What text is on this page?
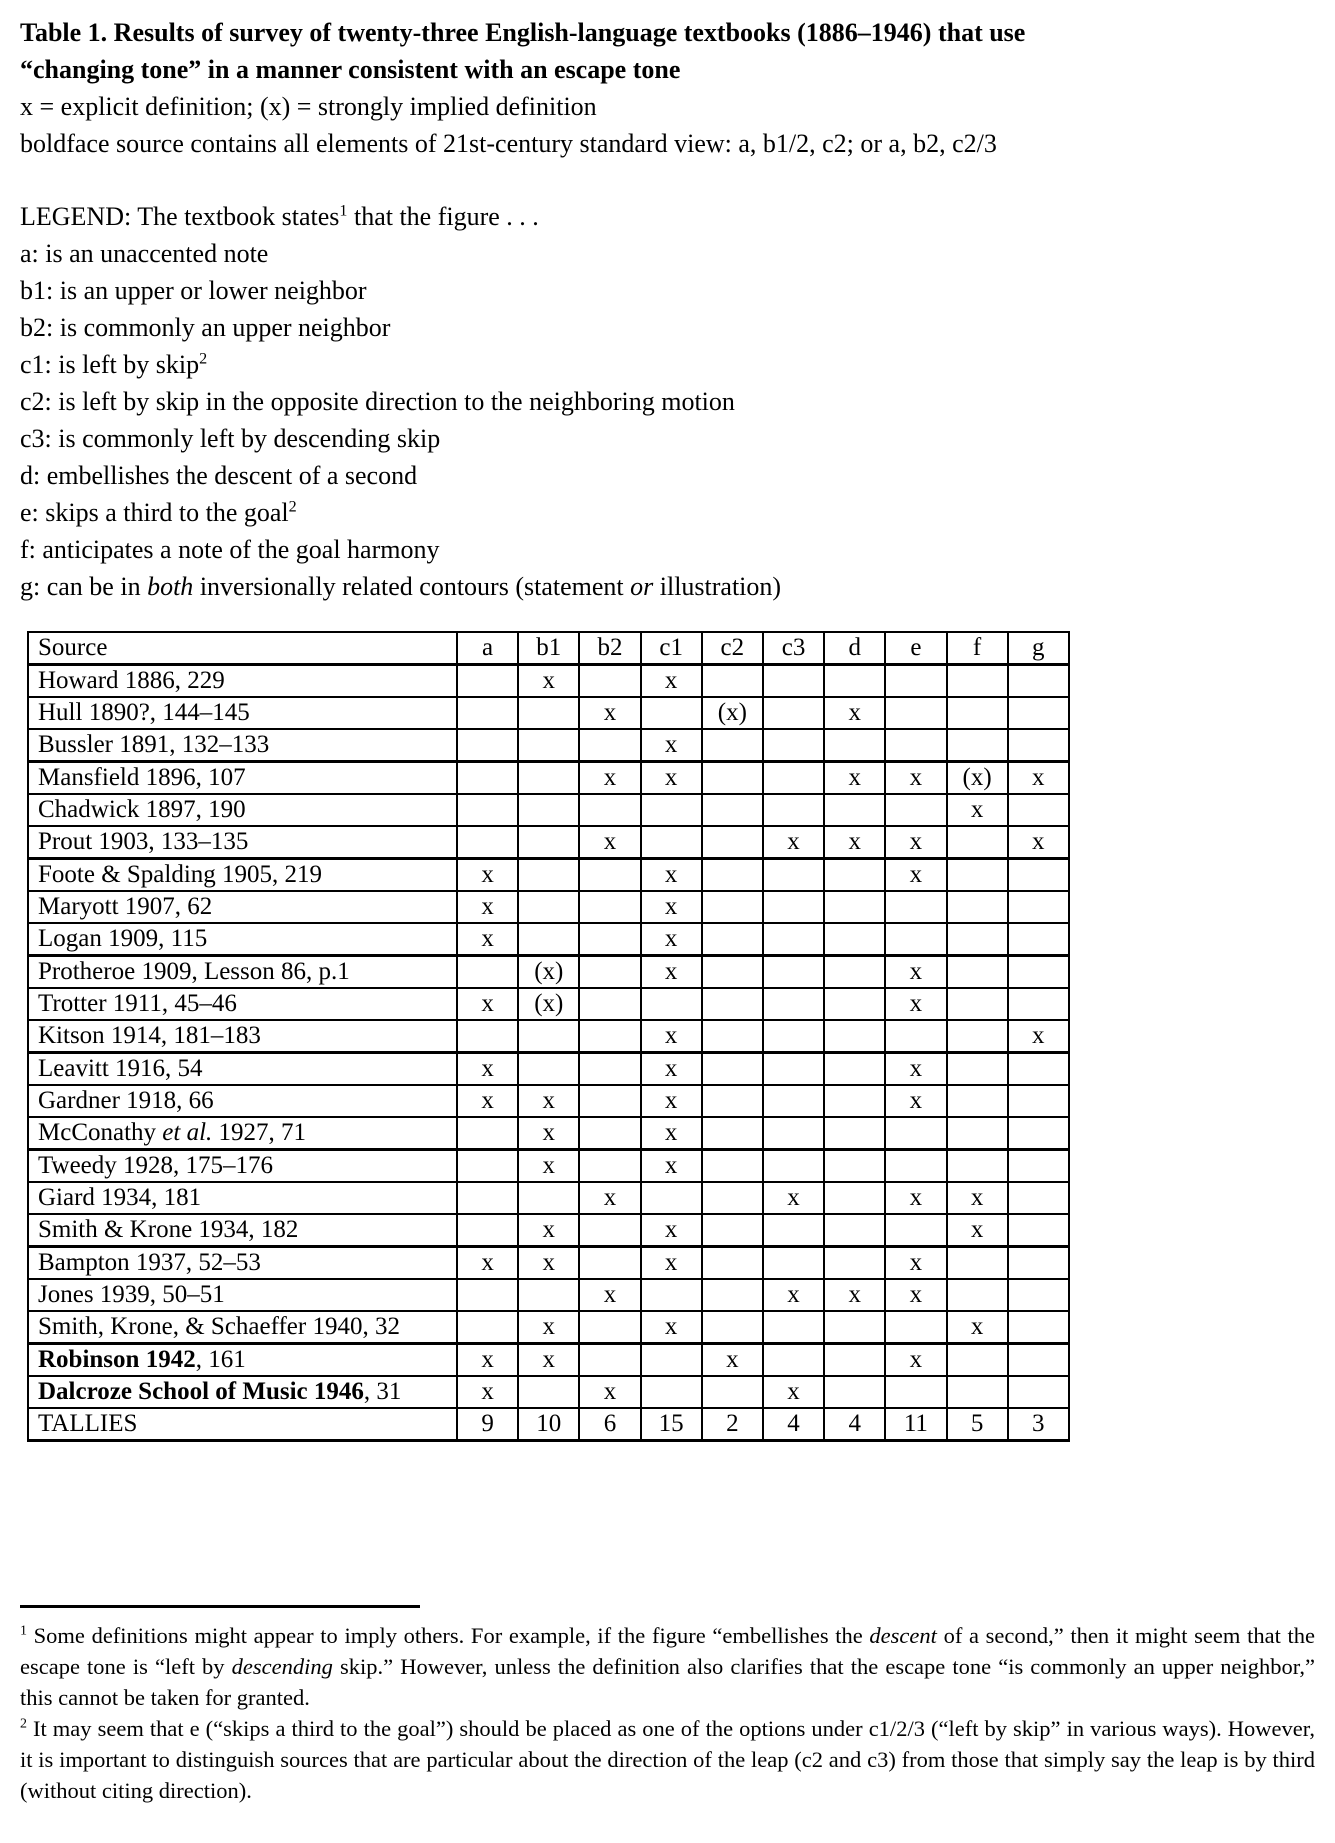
Table 1. Results of survey of twenty-three English-language textbooks (1886–1946) that use
“changing tone” in a manner consistent with an escape tone
x = explicit definition; (x) = strongly implied definition
boldface source contains all elements of 21st-century standard view: a, b1/2, c2; or a, b2, c2/3
LEGEND: The textbook states$^1$ that the figure . . .
a: is an unaccented note
b1: is an upper or lower neighbor
b2: is commonly an upper neighbor
c1: is left by skip$^2$
c2: is left by skip in the opposite direction to the neighboring motion
c3: is commonly left by descending skip
d: embellishes the descent of a second
e: skips a third to the goal$^2$
f: anticipates a note of the goal harmony
g: can be in both inversionally related contours (statement or illustration)
Source	a	b1	b2	c1	c2	c3	d	e	f	g
Howard 1886, 229		x		x						
Hull 1890?, 144–145			x		(x)		x			
Bussler 1891, 132–133				x						
Mansfield 1896, 107			x	x			x	x	(x)	x
Chadwick 1897, 190									x	
Prout 1903, 133–135			x			x	x	x		x
Foote & Spalding 1905, 219	x			x				x		
Maryott 1907, 62	x			x						
Logan 1909, 115	x			x						
Protheroe 1909, Lesson 86, p.1		(x)		x				x		
Trotter 1911, 45–46	x	(x)						x		
Kitson 1914, 181–183				x						x
Leavitt 1916, 54	x			x				x		
Gardner 1918, 66	x	x		x				x		
McConathy et al. 1927, 71		x		x						
Tweedy 1928, 175–176		x		x						
Giard 1934, 181			x			x		x	x	
Smith & Krone 1934, 182		x		x					x	
Bampton 1937, 52–53	x	x		x				x		
Jones 1939, 50–51			x			x	x	x		
Smith, Krone, & Schaeffer 1940, 32		x		x					x	
Robinson 1942, 161	x	x			x			x		
Dalcroze School of Music 1946, 31	x		x			x				
TALLIES	9	10	6	15	2	4	4	11	5	3

$^1$ Some definitions might appear to imply others. For example, if the figure “embellishes the descent of a second,” then it might seem that the escape tone is “left by descending skip.” However, unless the definition also clarifies that the escape tone “is commonly an upper neighbor,” this cannot be taken for granted.

$^2$ It may seem that e (“skips a third to the goal”) should be placed as one of the options under c1/2/3 (“left by skip” in various ways). However, it is important to distinguish sources that are particular about the direction of the leap (c2 and c3) from those that simply say the leap is by third (without citing direction).
